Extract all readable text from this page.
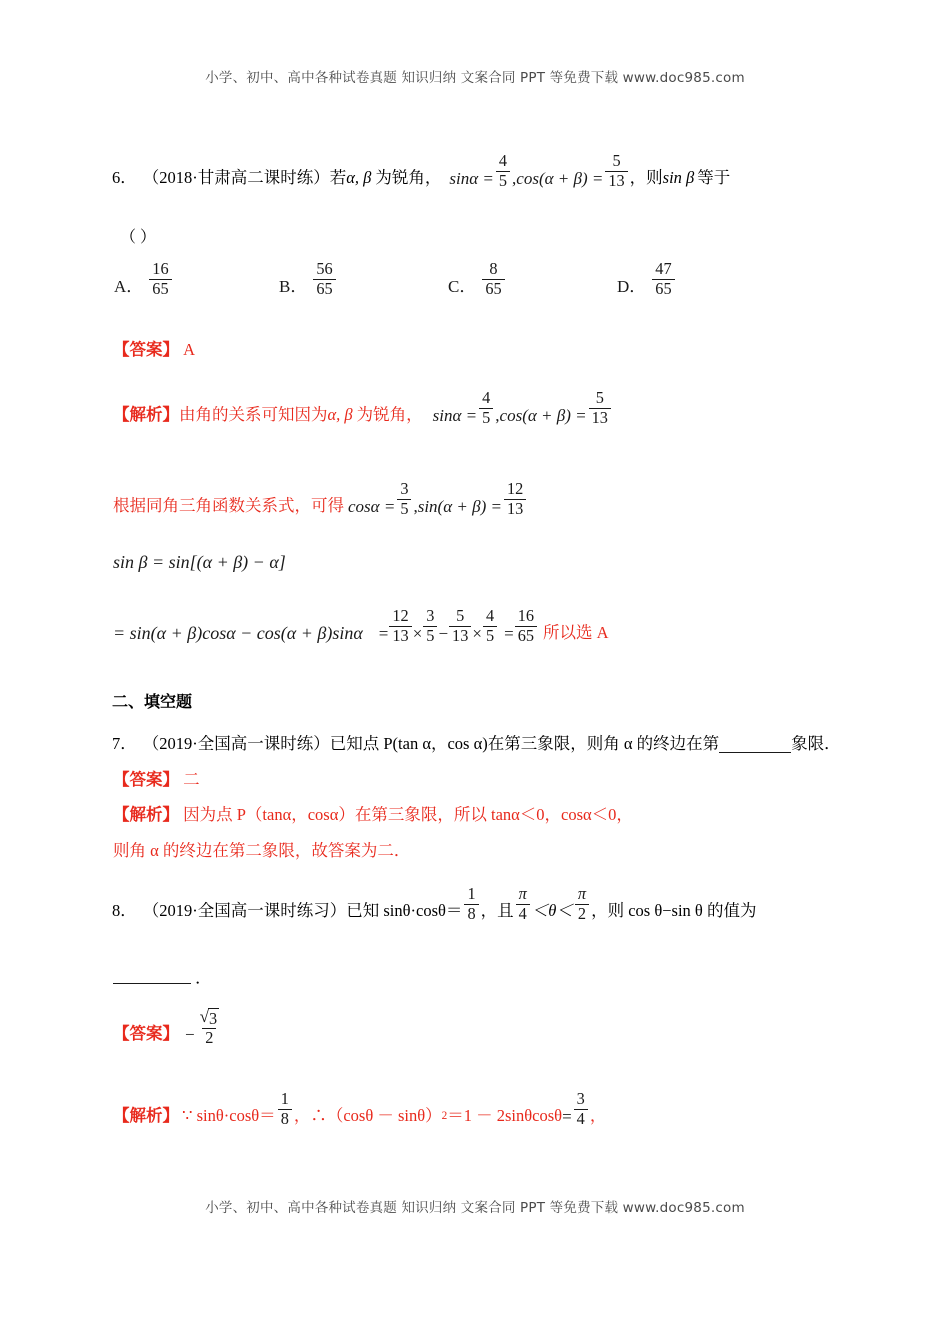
小学、初中、高中各种试卷真题 知识归纳 文案合同 PPT 等免费下载 www.doc985.com
6． （2018·甘肃高二课时练） 若 α, β 为锐角， $\sin\alpha = \frac{4}{5}$ , $\cos(\alpha + \beta) = \frac{5}{13}$ ，则 sin β 等于
（ ）
A． $\frac{16}{65}$	B． $\frac{56}{65}$	C． $\frac{8}{65}$	D． $\frac{47}{65}$
【答案】 A
【解析】 由角的关系可知因为 α, β 为锐角， $\sin\alpha = \frac{4}{5}$ , $\cos(\alpha + \beta) = \frac{5}{13}$
根据同角三角函数关系式，可得 $\cos\alpha = \frac{3}{5}$ , $\sin(\alpha + \beta) = \frac{12}{13}$
sin β = sin[(α + β) − α]
= $\sin(\alpha + \beta)\cos\alpha - \cos(\alpha + \beta)\sin\alpha = \frac{12}{13} \times \frac{3}{5} - \frac{5}{13} \times \frac{4}{5} = \frac{16}{65}$ 所以选 A
二、填空题
7． （2019·全国高一课时练） 已知点 P(tan α，cos α)在第三象限，则角 α 的终边在第	象限．
【答案】 二
【解析】 因为点 P（tanα，cosα）在第三象限，所以 tanα＜0，cosα＜0，
则角 α 的终边在第二象限，故答案为二．
8． （2019·全国高一课时练习） 已知 $\sin\theta\cdot\cos\theta= \frac{1}{8}$ ，且 $\frac{\pi}{4} <\theta< \frac{\pi}{2}$ ，则 cos θ−sin θ 的值为
．
【答案】 − $\frac{√ 3}{2}$
【解析】 ∵ $\sin\theta\cdot\cos\theta= \frac{1}{8}$ ，∴（cosθ － sinθ） $2 =1 - 2\sin\theta\cos\theta = \frac{3}{4}$ ，
小学、初中、高中各种试卷真题 知识归纳 文案合同 PPT 等免费下载 www.doc985.com
